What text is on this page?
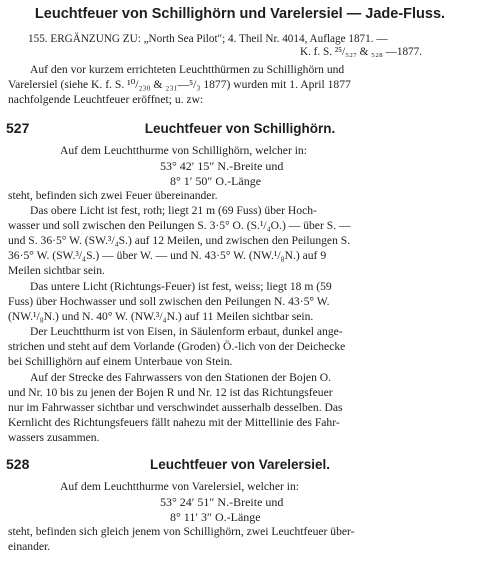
Leuchtfeuer von Schillighörn und Varelersiel — Jade-Fluss.
155. ERGÄNZUNG ZU: „North Sea Pilot"; 4. Theil Nr. 4014, Auflage 1871. —
K. f. S. ²⁵/₅₂₇ & ₅₂₈ —1877.
Auf den vor kurzem errichteten Leuchtthürmen zu Schillighörn und
Varelersiel (siehe K. f. S. ¹⁰/₂₃₀ & ₂₃₁—⁵/₃ 1877) wurden mit 1. April 1877
nachfolgende Leuchtfeuer eröffnet; u. zw:
527	Leuchtfeuer von Schillighörn.
Auf dem Leuchtthurme von Schillighörn, welcher in:
53° 42′ 15″ N.-Breite und
8° 1′ 50″ O.-Länge
steht, befinden sich zwei Feuer übereinander.
Das obere Licht ist fest, roth; liegt 21 m (69 Fuss) über Hoch-
wasser und soll zwischen den Peilungen S. 3·5° O. (S.¹/₄O.) — über S. —
und S. 36·5° W. (SW.³/₄S.) auf 12 Meilen, und zwischen den Peilungen S.
36·5° W. (SW.³/₄S.) — über W. — und N. 43·5° W. (NW.¹/₈N.) auf 9
Meilen sichtbar sein.
Das untere Licht (Richtungs-Feuer) ist fest, weiss; liegt 18 m (59
Fuss) über Hochwasser und soll zwischen den Peilungen N. 43·5° W.
(NW.¹/₈N.) und N. 40° W. (NW.³/₄N.) auf 11 Meilen sichtbar sein.
Der Leuchtthurm ist von Eisen, in Säulenform erbaut, dunkel ange-
strichen und steht auf dem Vorlande (Groden) Ö.-lich von der Deichecke
bei Schillighörn auf einem Unterbaue von Stein.
Auf der Strecke des Fahrwassers von den Stationen der Bojen O.
und Nr. 10 bis zu jenen der Bojen R und Nr. 12 ist das Richtungsfeuer
nur im Fahrwasser sichtbar und verschwindet ausserhalb desselben. Das
Kernlicht des Richtungsfeuers fällt nahezu mit der Mittellinie des Fahr-
wassers zusammen.
528	Leuchtfeuer von Varelersiel.
Auf dem Leuchtthurme von Varelersiel, welcher in:
53° 24′ 51″ N.-Breite und
8° 11′ 3″ O.-Länge
steht, befinden sich gleich jenem von Schillighörn, zwei Leuchtfeuer über-
einander.
